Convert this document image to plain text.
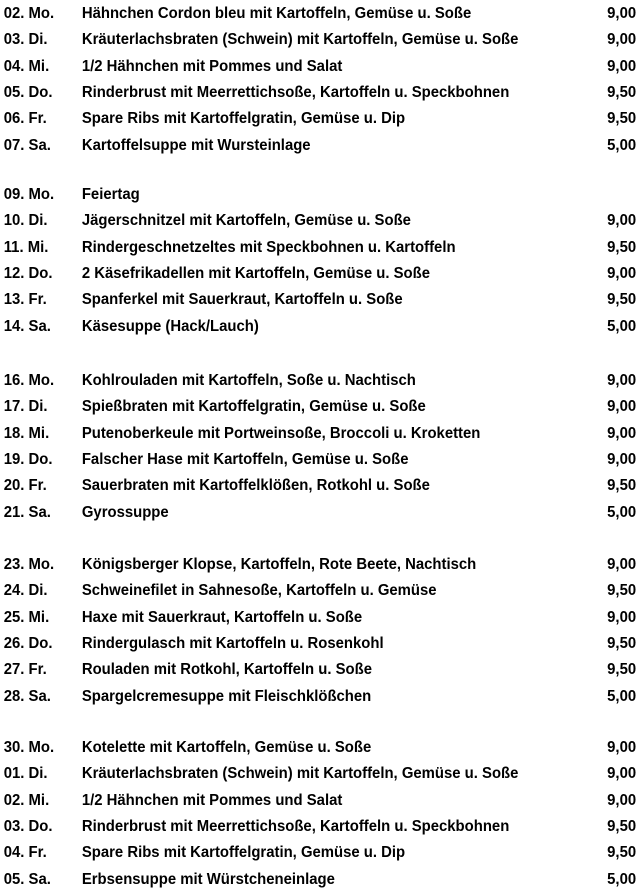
02. Mo. Hähnchen Cordon bleu mit Kartoffeln, Gemüse u. Soße	9,00
03. Di. Kräuterlachsbraten (Schwein) mit Kartoffeln, Gemüse u. Soße	9,00
04. Mi. 1/2 Hähnchen mit Pommes und Salat	9,00
05. Do. Rinderbrust mit Meerrettichsoße, Kartoffeln u. Speckbohnen	9,50
06. Fr. Spare Ribs mit Kartoffelgratin, Gemüse u. Dip	9,50
07. Sa. Kartoffelsuppe mit Wursteinlage	5,00
09. Mo. Feiertag
10. Di. Jägerschnitzel mit Kartoffeln, Gemüse u. Soße	9,00
11. Mi. Rindergeschnetzeltes mit Speckbohnen u. Kartoffeln	9,50
12. Do. 2 Käsefrikadellen mit Kartoffeln, Gemüse u. Soße	9,00
13. Fr. Spanferkel mit Sauerkraut, Kartoffeln u. Soße	9,50
14. Sa. Käsesuppe (Hack/Lauch)	5,00
16. Mo. Kohlrouladen mit Kartoffeln, Soße u. Nachtisch	9,00
17. Di. Spießbraten mit Kartoffelgratin, Gemüse u. Soße	9,00
18. Mi. Putenoberkeule mit Portweinsoße, Broccoli u. Kroketten	9,00
19. Do. Falscher Hase mit Kartoffeln, Gemüse u. Soße	9,00
20. Fr. Sauerbraten mit Kartoffelklößen, Rotkohl u. Soße	9,50
21. Sa. Gyrossuppe	5,00
23. Mo. Königsberger Klopse, Kartoffeln, Rote Beete, Nachtisch	9,00
24. Di. Schweinefilet in Sahnesoße, Kartoffeln u. Gemüse	9,50
25. Mi. Haxe mit Sauerkraut, Kartoffeln u. Soße	9,00
26. Do. Rindergulasch mit Kartoffeln u. Rosenkohl	9,50
27. Fr. Rouladen mit Rotkohl, Kartoffeln u. Soße	9,50
28. Sa. Spargelcremesuppe mit Fleischklößchen	5,00
30. Mo. Kotelette mit Kartoffeln, Gemüse u. Soße	9,00
01. Di. Kräuterlachsbraten (Schwein) mit Kartoffeln, Gemüse u. Soße	9,00
02. Mi. 1/2 Hähnchen mit Pommes und Salat	9,00
03. Do. Rinderbrust mit Meerrettichsoße, Kartoffeln u. Speckbohnen	9,50
04. Fr. Spare Ribs mit Kartoffelgratin, Gemüse u. Dip	9,50
05. Sa. Erbsensuppe mit Würstcheneinlage	5,00
